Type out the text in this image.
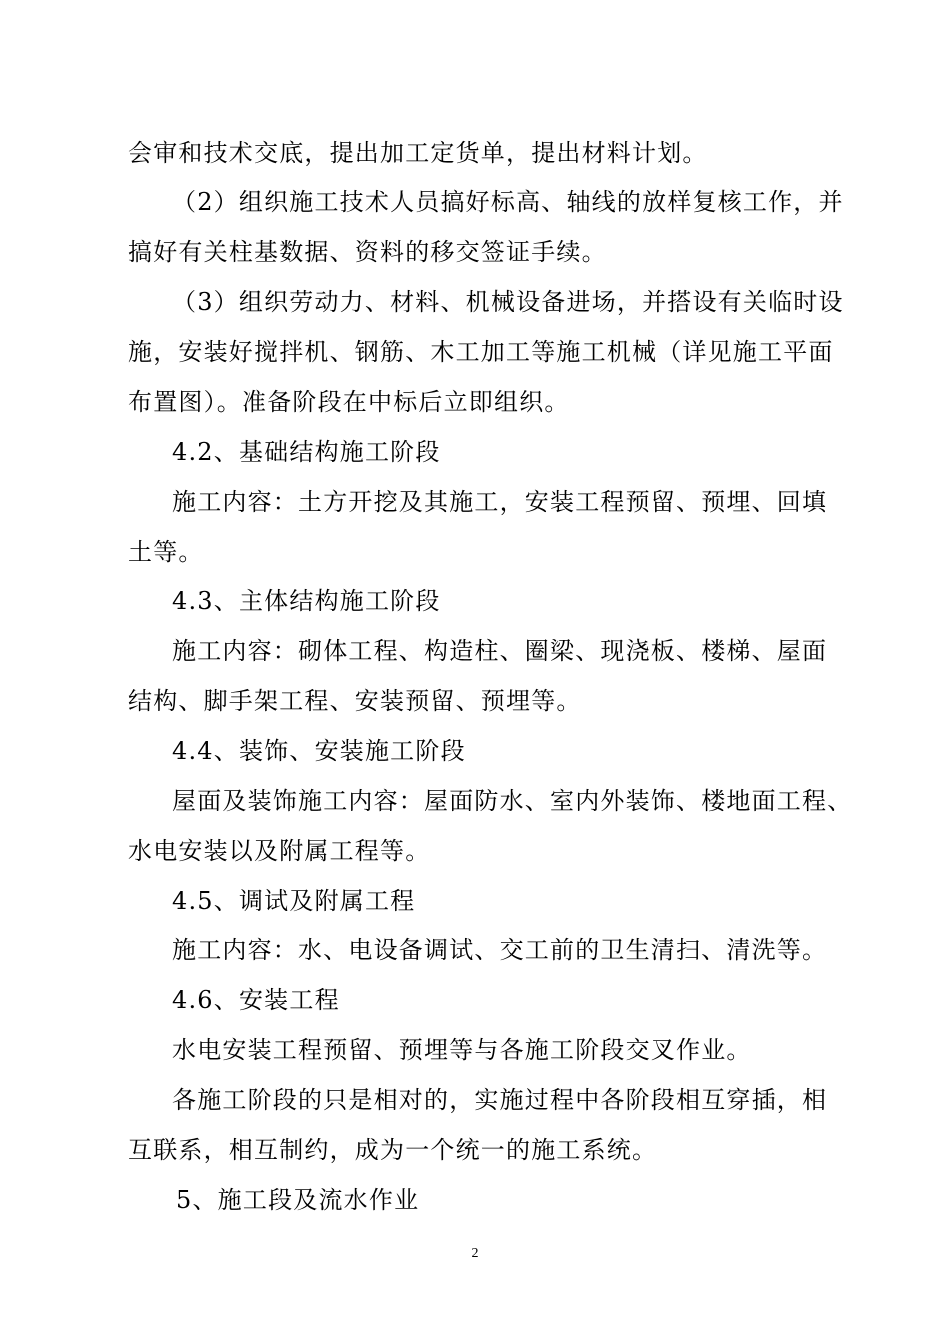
会审和技术交底，提出加工定货单，提出材料计划。
（2）组织施工技术人员搞好标高、轴线的放样复核工作，并
搞好有关柱基数据、资料的移交签证手续。
（3）组织劳动力、材料、机械设备进场，并搭设有关临时设
施，安装好搅拌机、钢筋、木工加工等施工机械（详见施工平面
布置图）。准备阶段在中标后立即组织。
4.2、基础结构施工阶段
施工内容：土方开挖及其施工，安装工程预留、预埋、回填
土等。
4.3、主体结构施工阶段
施工内容：砌体工程、构造柱、圈梁、现浇板、楼梯、屋面
结构、脚手架工程、安装预留、预埋等。
4.4、装饰、安装施工阶段
屋面及装饰施工内容：屋面防水、室内外装饰、楼地面工程、
水电安装以及附属工程等。
4.5、调试及附属工程
施工内容：水、电设备调试、交工前的卫生清扫、清洗等。
4.6、安装工程
水电安装工程预留、预埋等与各施工阶段交叉作业。
各施工阶段的只是相对的，实施过程中各阶段相互穿插，相
互联系，相互制约，成为一个统一的施工系统。
5、施工段及流水作业
2
